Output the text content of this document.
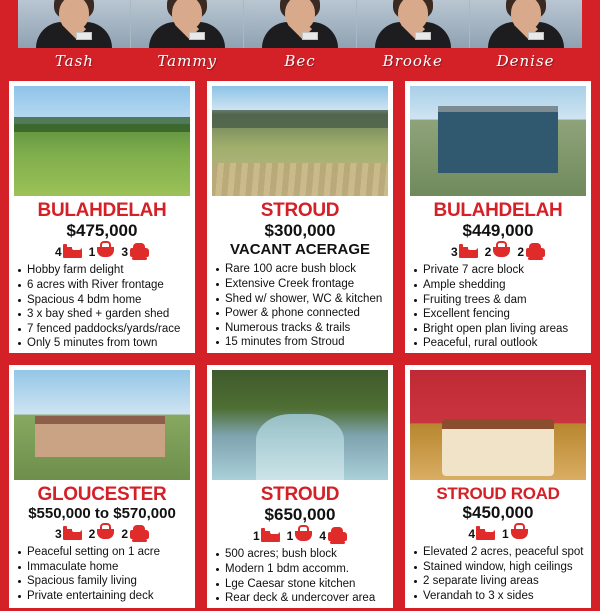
Tash	Tammy	Bec	Brooke	Denise
BULAHDELAH
$475,000
4 1 3
Hobby farm delight
6 acres with River frontage
Spacious 4 bdm home
3 x bay shed + garden shed
7 fenced paddocks/yards/race
Only 5 minutes from town
STROUD
$300,000
VACANT ACERAGE
Rare 100 acre bush block
Extensive Creek frontage
Shed w/ shower, WC & kitchen
Power & phone connected
Numerous tracks & trails
15 minutes from Stroud
BULAHDELAH
$449,000
3 2 2
Private 7 acre block
Ample shedding
Fruiting trees & dam
Excellent fencing
Bright open plan living areas
Peaceful, rural outlook
GLOUCESTER
$550,000 to $570,000
3 2 2
Peaceful setting on 1 acre
Immaculate home
Spacious family living
Private entertaining deck
STROUD
$650,000
1 1 4
500 acres; bush block
Modern 1 bdm accomm.
Lge Caesar stone kitchen
Rear deck & undercover area
STROUD ROAD
$450,000
4 1
Elevated 2 acres, peaceful spot
Stained window, high ceilings
2 separate living areas
Verandah to 3 x sides
